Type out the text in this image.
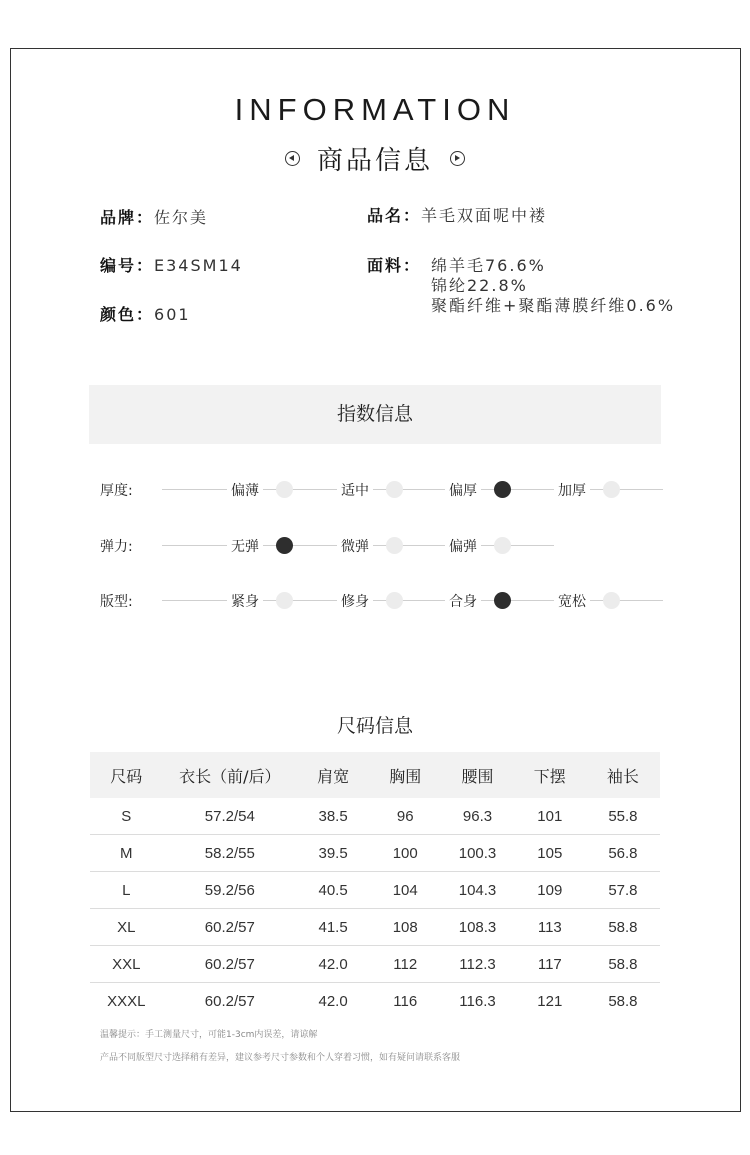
INFORMATION
商品信息
品牌：佐尔美	品名：羊毛双面呢中褛
编号：E34SM14	面料： 绵羊毛76.6%
锦纶22.8%
聚酯纤维+聚酯薄膜纤维0.6%
颜色：601
指数信息
厚度:	偏薄	适中	偏厚	加厚
弹力:	无弹	微弹	偏弹
版型:	紧身	修身	合身	宽松
尺码信息
尺码	衣长（前/后）	肩宽	胸围	腰围	下摆	袖长
S	57.2/54	38.5	96	96.3	101	55.8
M	58.2/55	39.5	100	100.3	105	56.8
L	59.2/56	40.5	104	104.3	109	57.8
XL	60.2/57	41.5	108	108.3	113	58.8
XXL	60.2/57	42.0	112	112.3	117	58.8
XXXL	60.2/57	42.0	116	116.3	121	58.8
温馨提示：手工测量尺寸，可能1-3cm内误差，请谅解
产品不同版型尺寸选择稍有差异，建议参考尺寸参数和个人穿着习惯，如有疑问请联系客服
